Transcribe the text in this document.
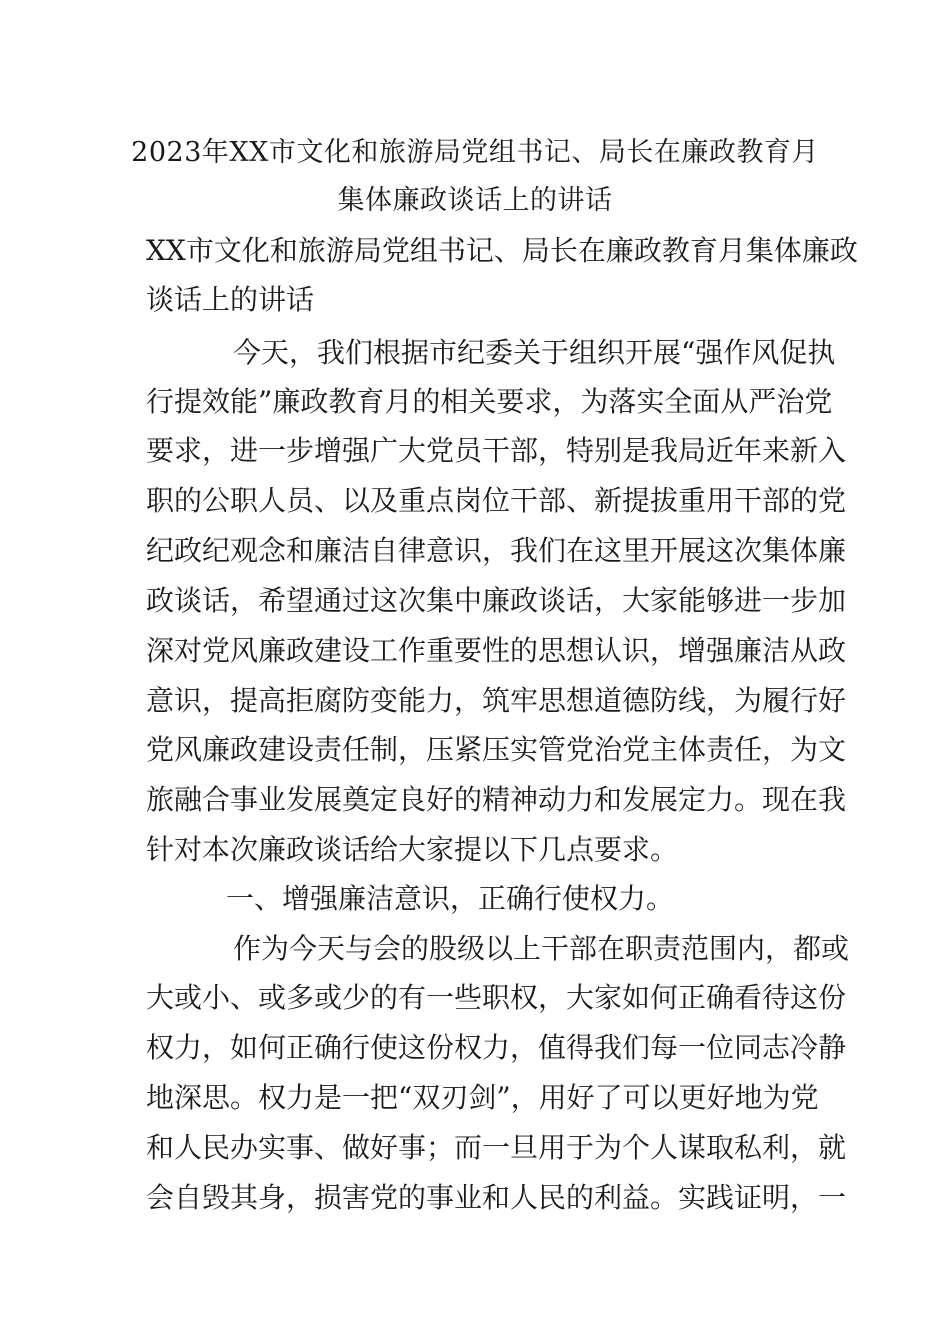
2023年XX市文化和旅游局党组书记、局长在廉政教育月
集体廉政谈话上的讲话
XX市文化和旅游局党组书记、局长在廉政教育月集体廉政
谈话上的讲话
今天，我们根据市纪委关于组织开展“强作风促执
行提效能”廉政教育月的相关要求，为落实全面从严治党
要求，进一步增强广大党员干部，特别是我局近年来新入
职的公职人员、以及重点岗位干部、新提拔重用干部的党
纪政纪观念和廉洁自律意识，我们在这里开展这次集体廉
政谈话，希望通过这次集中廉政谈话，大家能够进一步加
深对党风廉政建设工作重要性的思想认识，增强廉洁从政
意识，提高拒腐防变能力，筑牢思想道德防线，为履行好
党风廉政建设责任制，压紧压实管党治党主体责任，为文
旅融合事业发展奠定良好的精神动力和发展定力。现在我
针对本次廉政谈话给大家提以下几点要求。
一、增强廉洁意识，正确行使权力。
作为今天与会的股级以上干部在职责范围内，都或
大或小、或多或少的有一些职权，大家如何正确看待这份
权力，如何正确行使这份权力，值得我们每一位同志冷静
地深思。权力是一把“双刃剑”，用好了可以更好地为党
和人民办实事、做好事；而一旦用于为个人谋取私利，就
会自毁其身，损害党的事业和人民的利益。实践证明，一
